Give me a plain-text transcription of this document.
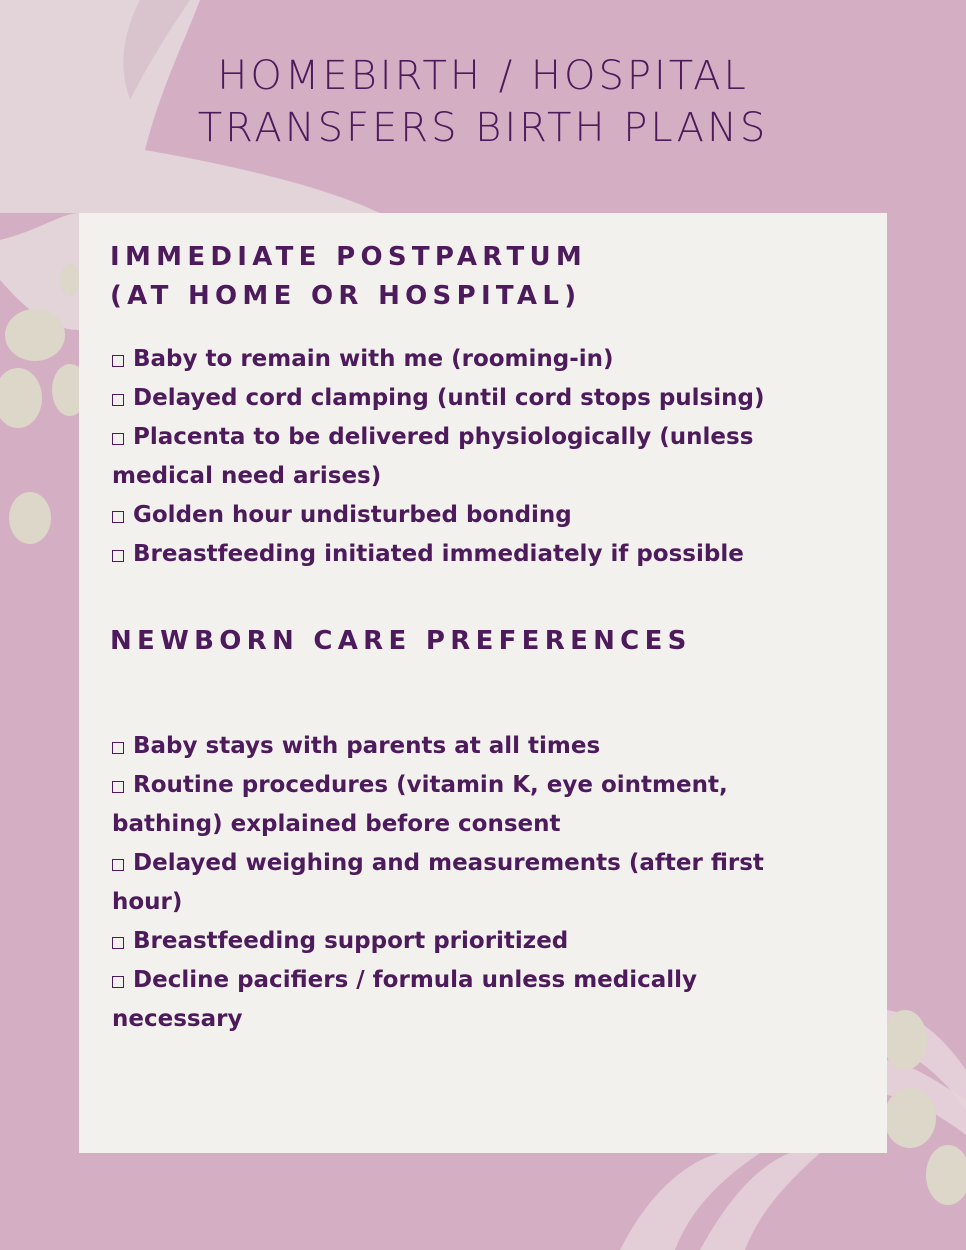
HOMEBIRTH / HOSPITAL
TRANSFERS BIRTH PLANS
IMMEDIATE POSTPARTUM
(AT HOME OR HOSPITAL)
Baby to remain with me (rooming-in)
Delayed cord clamping (until cord stops pulsing)
Placenta to be delivered physiologically (unless medical need arises)
Golden hour undisturbed bonding
Breastfeeding initiated immediately if possible
NEWBORN CARE PREFERENCES
Baby stays with parents at all times
Routine procedures (vitamin K, eye ointment, bathing) explained before consent
Delayed weighing and measurements (after first hour)
Breastfeeding support prioritized
Decline pacifiers / formula unless medically necessary
